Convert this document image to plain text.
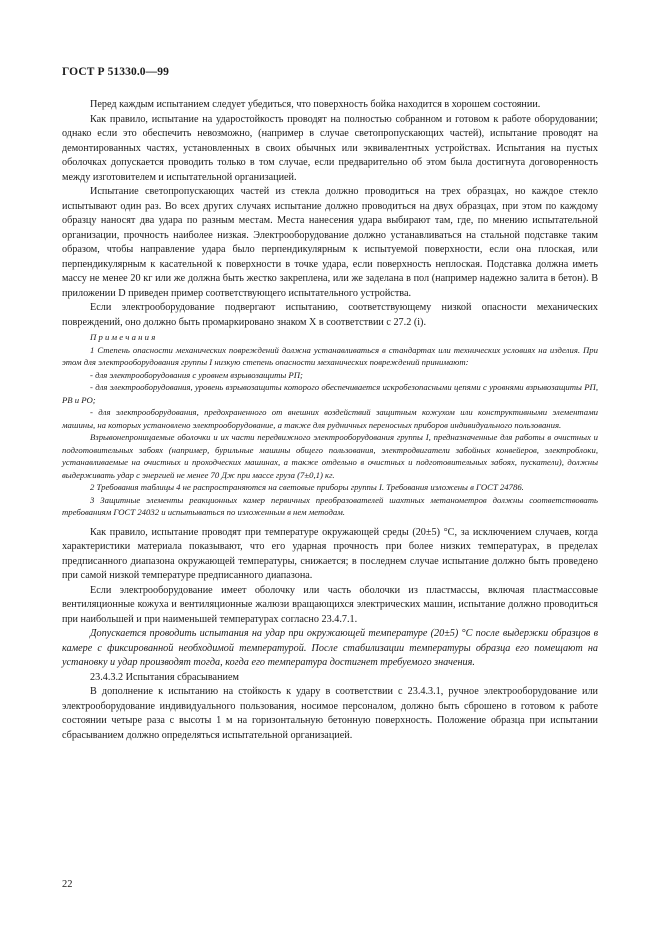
ГОСТ Р 51330.0—99

Перед каждым испытанием следует убедиться, что поверхность бойка находится в хорошем состоянии.

Как правило, испытание на ударостойкость проводят на полностью собранном и готовом к работе оборудовании; однако если это обеспечить невозможно, (например в случае светопропускающих частей), испытание проводят на демонтированных частях, установленных в своих обычных или эквивалентных устройствах. Испытания на пустых оболочках допускается проводить только в том случае, если предварительно об этом была достигнута договоренность между изготовителем и испытательной организацией.

Испытание светопропускающих частей из стекла должно проводиться на трех образцах, но каждое стекло испытывают один раз. Во всех других случаях испытание должно проводиться на двух образцах, при этом по каждому образцу наносят два удара по разным местам. Места нанесения удара выбирают там, где, по мнению испытательной организации, прочность наиболее низкая. Электрооборудование должно устанавливаться на стальной подставке таким образом, чтобы направление удара было перпендикулярным к испытуемой поверхности, если она плоская, или перпендикулярным к касательной к поверхности в точке удара, если поверхность неплоская. Подставка должна иметь массу не менее 20 кг или же должна быть жестко закреплена, или же заделана в пол (например надежно залита в бетон). В приложении D приведен пример соответствующего испытательного устройства.

Если электрооборудование подвергают испытанию, соответствующему низкой опасности механических повреждений, оно должно быть промаркировано знаком X в соответствии с 27.2 (i).

Примечания

1 Степень опасности механических повреждений должна устанавливаться в стандартах или технических условиях на изделия. При этом для электрооборудования группы I низкую степень опасности механических повреждений принимают:

- для электрооборудования с уровнем взрывозащиты РП;

- для электрооборудования, уровень взрывозащиты которого обеспечивается искробезопасными цепями с уровнями взрывозащиты РП, РВ и РО;

- для электрооборудования, предохраненного от внешних воздействий защитным кожухом или конструктивными элементами машины, на которых установлено электрооборудование, а также для рудничных переносных приборов индивидуального пользования.

Взрывонепроницаемые оболочки и их части передвижного электрооборудования группы I, предназначенные для работы в очистных и подготовительных забоях (например, бурильные машины общего пользования, электродвигатели забойных конвейеров, электроблоки, устанавливаемые на очистных и проходческих машинах, а также отдельно в очистных и подготовительных забоях, пускатели), должны выдерживать удар с энергией не менее 70 Дж при массе груза (7±0,1) кг.

2 Требования таблицы 4 не распространяются на световые приборы группы I. Требования изложены в ГОСТ 24786.

3 Защитные элементы реакционных камер первичных преобразователей шахтных метанометров должны соответствовать требованиям ГОСТ 24032 и испытываться по изложенным в нем методам.

Как правило, испытание проводят при температуре окружающей среды (20±5) °С, за исключением случаев, когда характеристики материала показывают, что его ударная прочность при более низких температурах, в пределах предписанного диапазона окружающей температуры, снижается; в последнем случае испытание должно быть проведено при самой низкой температуре предписанного диапазона.

Если электрооборудование имеет оболочку или часть оболочки из пластмассы, включая пластмассовые вентиляционные кожуха и вентиляционные жалюзи вращающихся электрических машин, испытание должно проводиться при наибольшей и при наименьшей температурах согласно 23.4.7.1.

Допускается проводить испытания на удар при окружающей температуре (20±5) °С после выдержки образцов в камере с фиксированной необходимой температурой. После стабилизации температуры образца его помещают на установку и удар производят тогда, когда его температура достигнет требуемого значения.

23.4.3.2 Испытания сбрасыванием

В дополнение к испытанию на стойкость к удару в соответствии с 23.4.3.1, ручное электрооборудование или электрооборудование индивидуального пользования, носимое персоналом, должно быть сброшено в готовом к работе состоянии четыре раза с высоты 1 м на горизонтальную бетонную поверхность. Положение образца при испытании сбрасыванием должно определяться испытательной организацией.

22
